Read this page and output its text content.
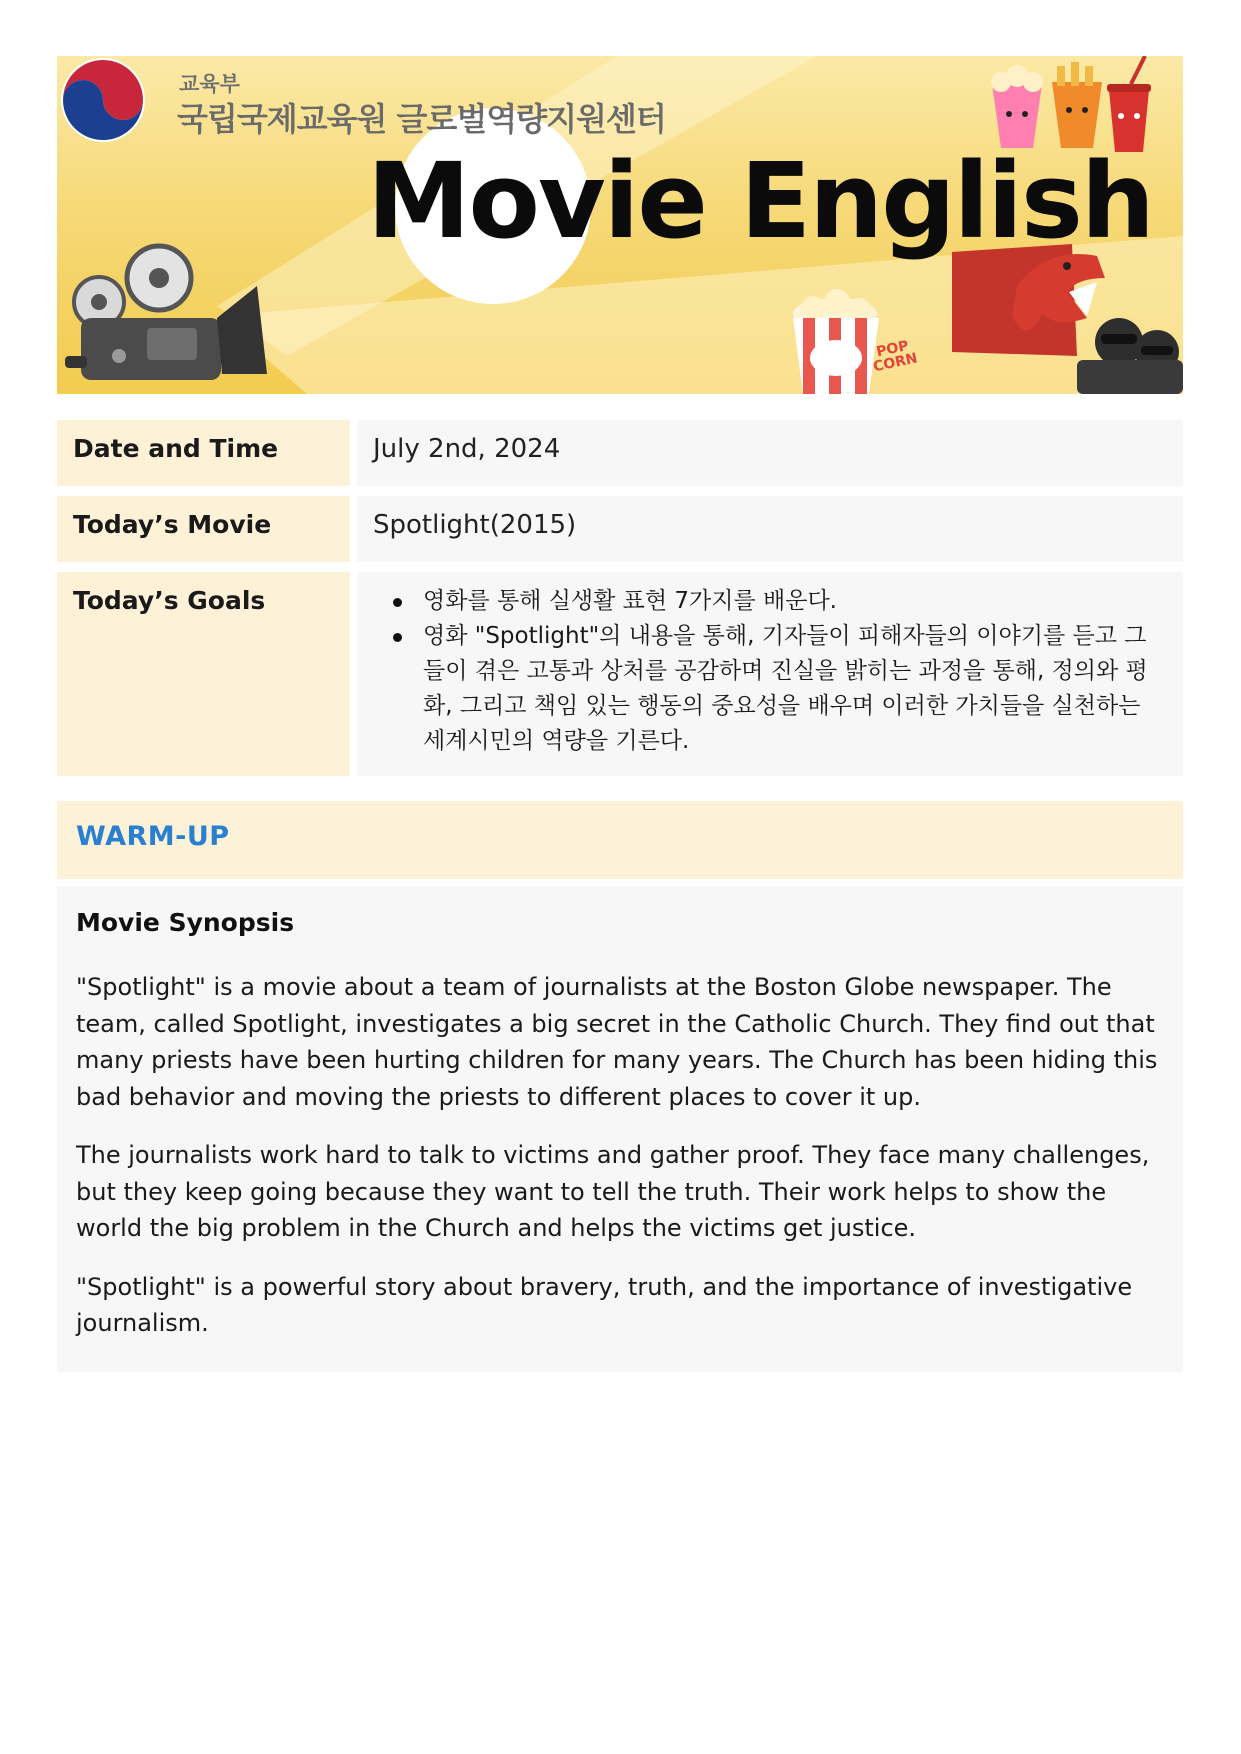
교육부
국립국제교육원 글로벌역량지원센터
Movie English
POP CORN
Date and Time	July 2nd, 2024
Today’s Movie	Spotlight(2015)
Today’s Goals	영화를 통해 실생활 표현 7가지를 배운다.
영화 "Spotlight"의 내용을 통해, 기자들이 피해자들의 이야기를 듣고 그들이 겪은 고통과 상처를 공감하며 진실을 밝히는 과정을 통해, 정의와 평화, 그리고 책임 있는 행동의 중요성을 배우며 이러한 가치들을 실천하는 세계시민의 역량을 기른다.
WARM-UP
Movie Synopsis

"Spotlight" is a movie about a team of journalists at the Boston Globe newspaper. The team, called Spotlight, investigates a big secret in the Catholic Church. They find out that many priests have been hurting children for many years. The Church has been hiding this bad behavior and moving the priests to different places to cover it up.

The journalists work hard to talk to victims and gather proof. They face many challenges, but they keep going because they want to tell the truth. Their work helps to show the world the big problem in the Church and helps the victims get justice.

"Spotlight" is a powerful story about bravery, truth, and the importance of investigative journalism.
